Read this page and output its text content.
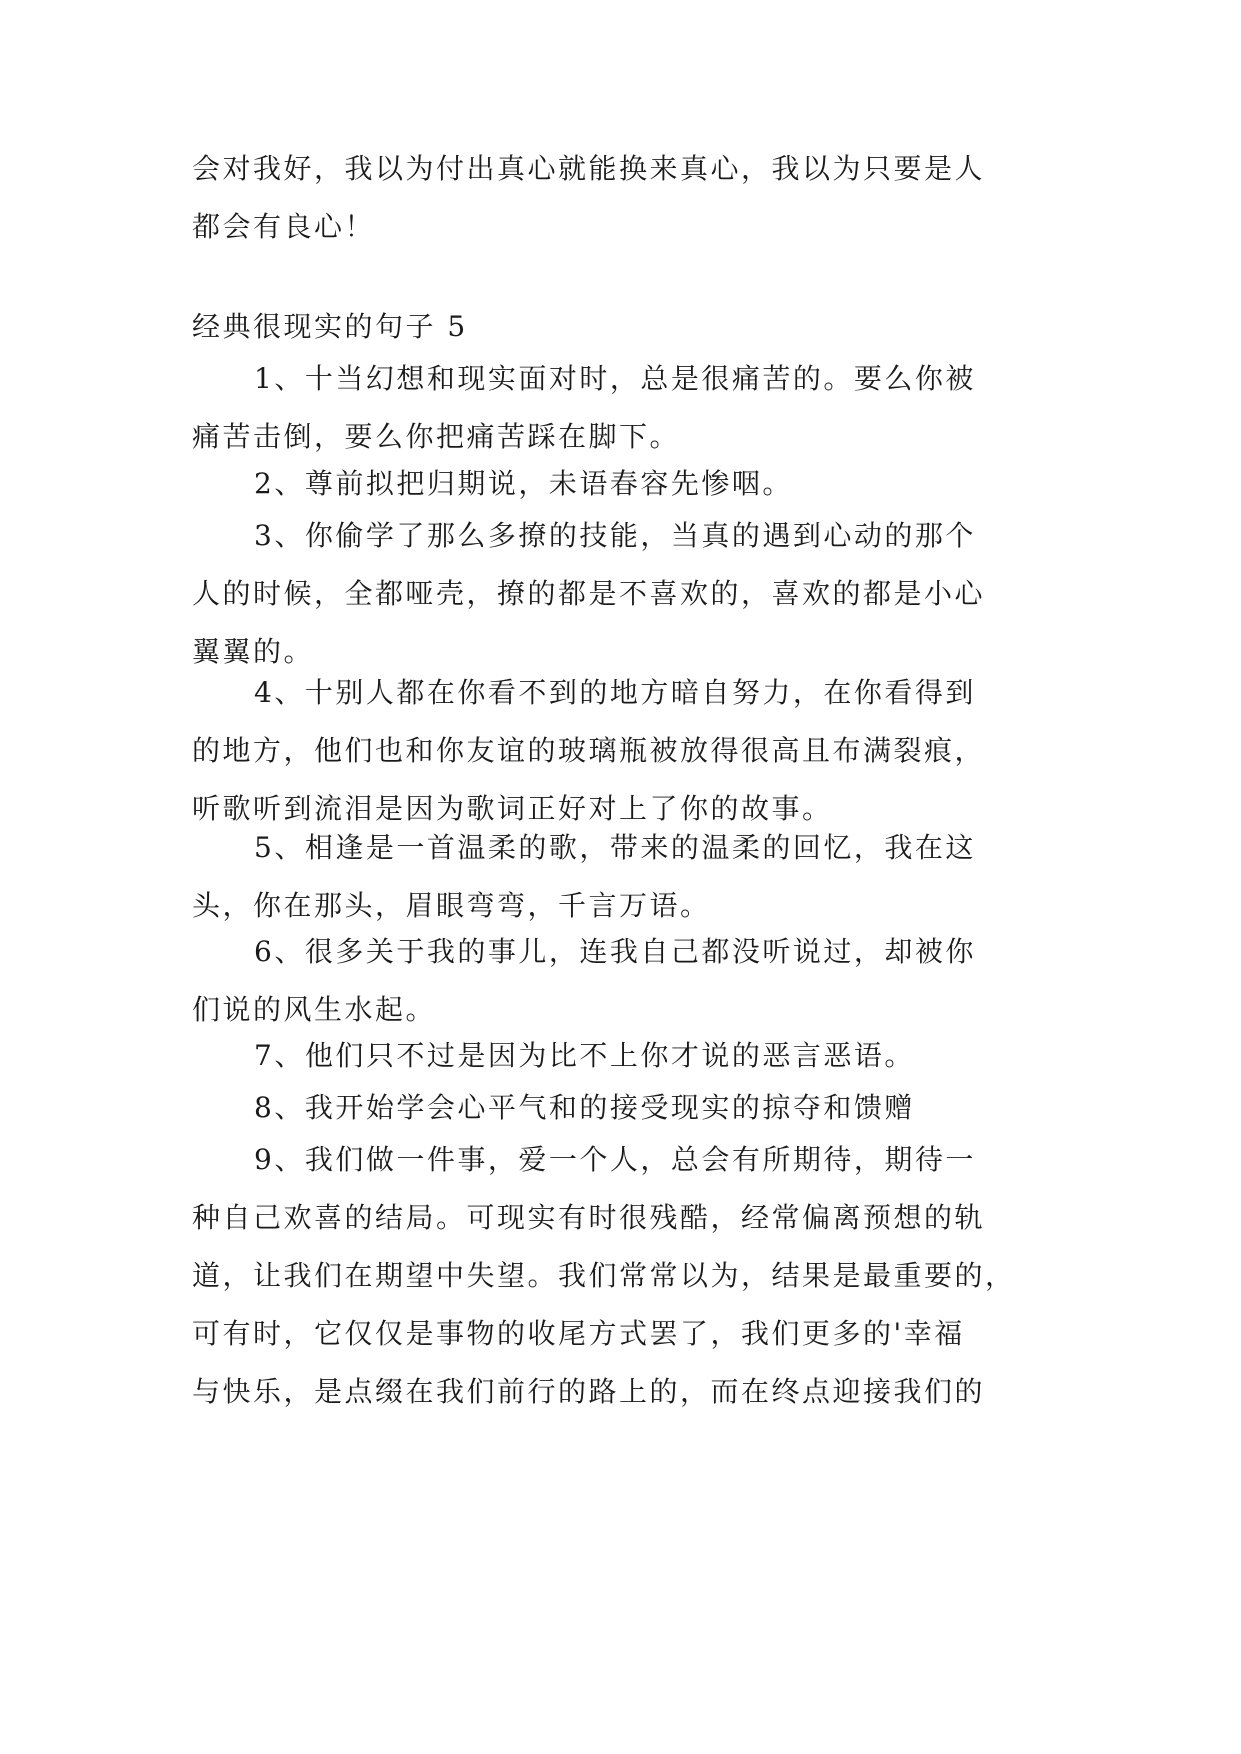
会对我好，我以为付出真心就能换来真心，我以为只要是人
都会有良心！
经典很现实的句子 5
1、十当幻想和现实面对时，总是很痛苦的。要么你被
痛苦击倒，要么你把痛苦踩在脚下。
2、尊前拟把归期说，未语春容先惨咽。
3、你偷学了那么多撩的技能，当真的遇到心动的那个
人的时候，全都哑壳，撩的都是不喜欢的，喜欢的都是小心
翼翼的。
4、十别人都在你看不到的地方暗自努力，在你看得到
的地方，他们也和你友谊的玻璃瓶被放得很高且布满裂痕，
听歌听到流泪是因为歌词正好对上了你的故事。
5、相逢是一首温柔的歌，带来的温柔的回忆，我在这
头，你在那头，眉眼弯弯，千言万语。
6、很多关于我的事儿，连我自己都没听说过，却被你
们说的风生水起。
7、他们只不过是因为比不上你才说的恶言恶语。
8、我开始学会心平气和的接受现实的掠夺和馈赠
9、我们做一件事，爱一个人，总会有所期待，期待一
种自己欢喜的结局。可现实有时很残酷，经常偏离预想的轨
道，让我们在期望中失望。我们常常以为，结果是最重要的，
可有时，它仅仅是事物的收尾方式罢了，我们更多的'幸福
与快乐，是点缀在我们前行的路上的，而在终点迎接我们的
